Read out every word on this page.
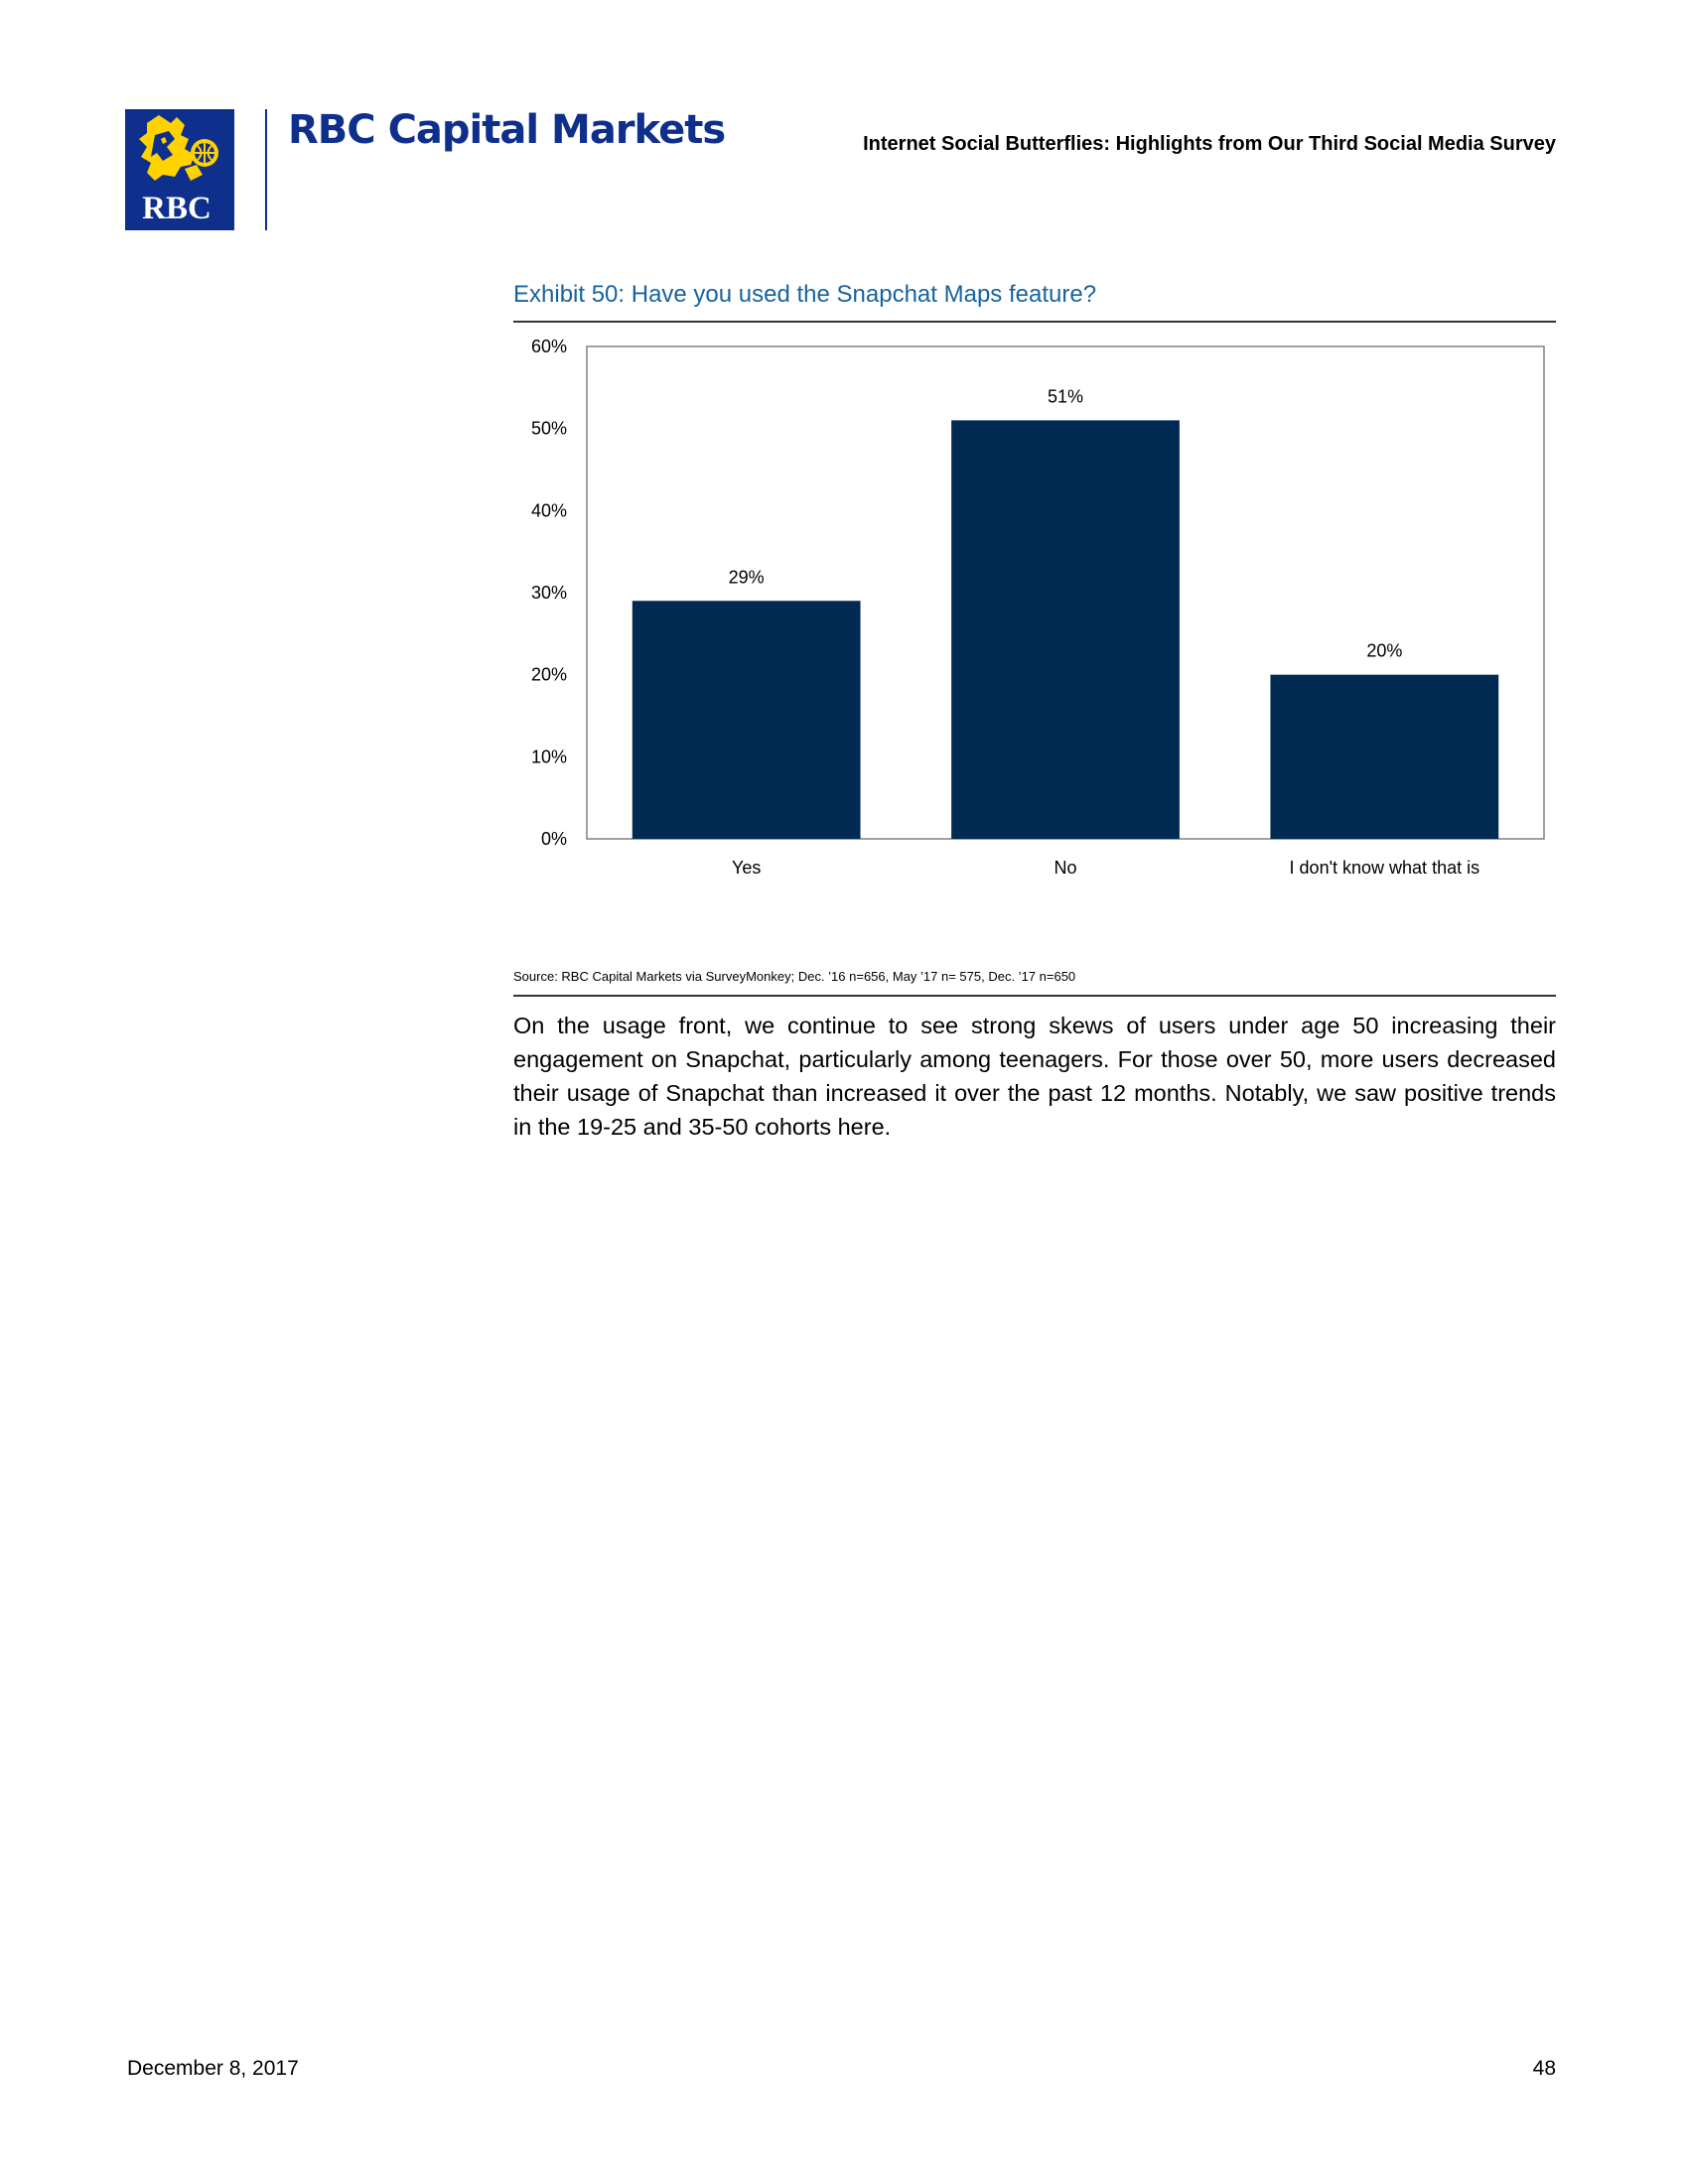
RBC	®
RBC Capital Markets	Internet Social Butterflies: Highlights from Our Third Social Media Survey
Exhibit 50: Have you used the Snapchat Maps feature?
0%
10%
20%
30%
40%
50%
60%
29%
Yes
51%
No
20%
I don't know what that is
Source: RBC Capital Markets via SurveyMonkey; Dec. ’16 n=656, May ’17 n= 575, Dec. ’17 n=650
On the usage front, we continue to see strong skews of users under age 50 increasing their engagement on Snapchat, particularly among teenagers. For those over 50, more users decreased their usage of Snapchat than increased it over the past 12 months. Notably, we saw positive trends in the 19-25 and 35-50 cohorts here.
December 8, 2017	48
